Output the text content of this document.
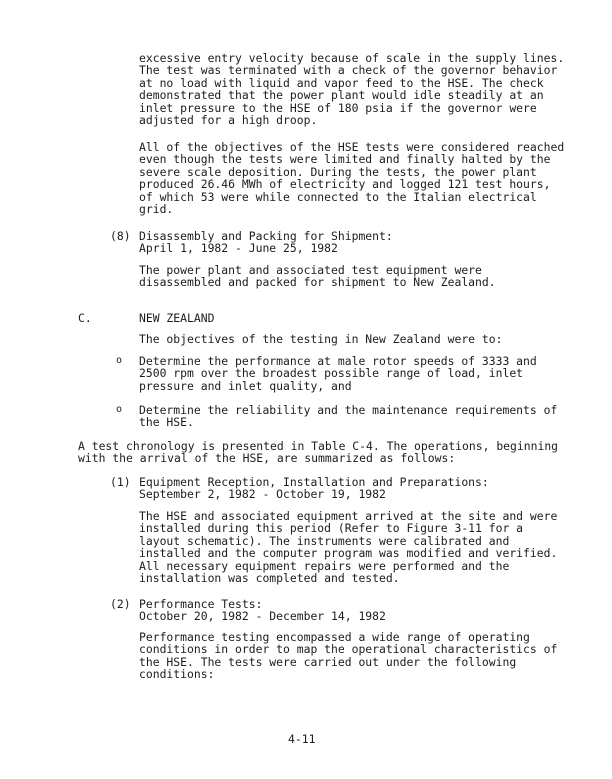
excessive entry velocity because of scale in the supply lines.
The test was terminated with a check of the governor behavior
at no load with liquid and vapor feed to the HSE. The check
demonstrated that the power plant would idle steadily at an
inlet pressure to the HSE of 180 psia if the governor were
adjusted for a high droop.
All of the objectives of the HSE tests were considered reached
even though the tests were limited and finally halted by the
severe scale deposition. During the tests, the power plant
produced 26.46 MWh of electricity and logged 121 test hours,
of which 53 were while connected to the Italian electrical
grid.
(8) Disassembly and Packing for Shipment:
April 1, 1982 - June 25, 1982
The power plant and associated test equipment were
disassembled and packed for shipment to New Zealand.
C.	NEW ZEALAND
The objectives of the testing in New Zealand were to:
o Determine the performance at male rotor speeds of 3333 and
2500 rpm over the broadest possible range of load, inlet
pressure and inlet quality, and
o Determine the reliability and the maintenance requirements of
the HSE.
A test chronology is presented in Table C-4. The operations, beginning
with the arrival of the HSE, are summarized as follows:
(1) Equipment Reception, Installation and Preparations:
September 2, 1982 - October 19, 1982
The HSE and associated equipment arrived at the site and were
installed during this period (Refer to Figure 3-11 for a
layout schematic). The instruments were calibrated and
installed and the computer program was modified and verified.
All necessary equipment repairs were performed and the
installation was completed and tested.
(2) Performance Tests:
October 20, 1982 - December 14, 1982
Performance testing encompassed a wide range of operating
conditions in order to map the operational characteristics of
the HSE. The tests were carried out under the following
conditions:
4-11
